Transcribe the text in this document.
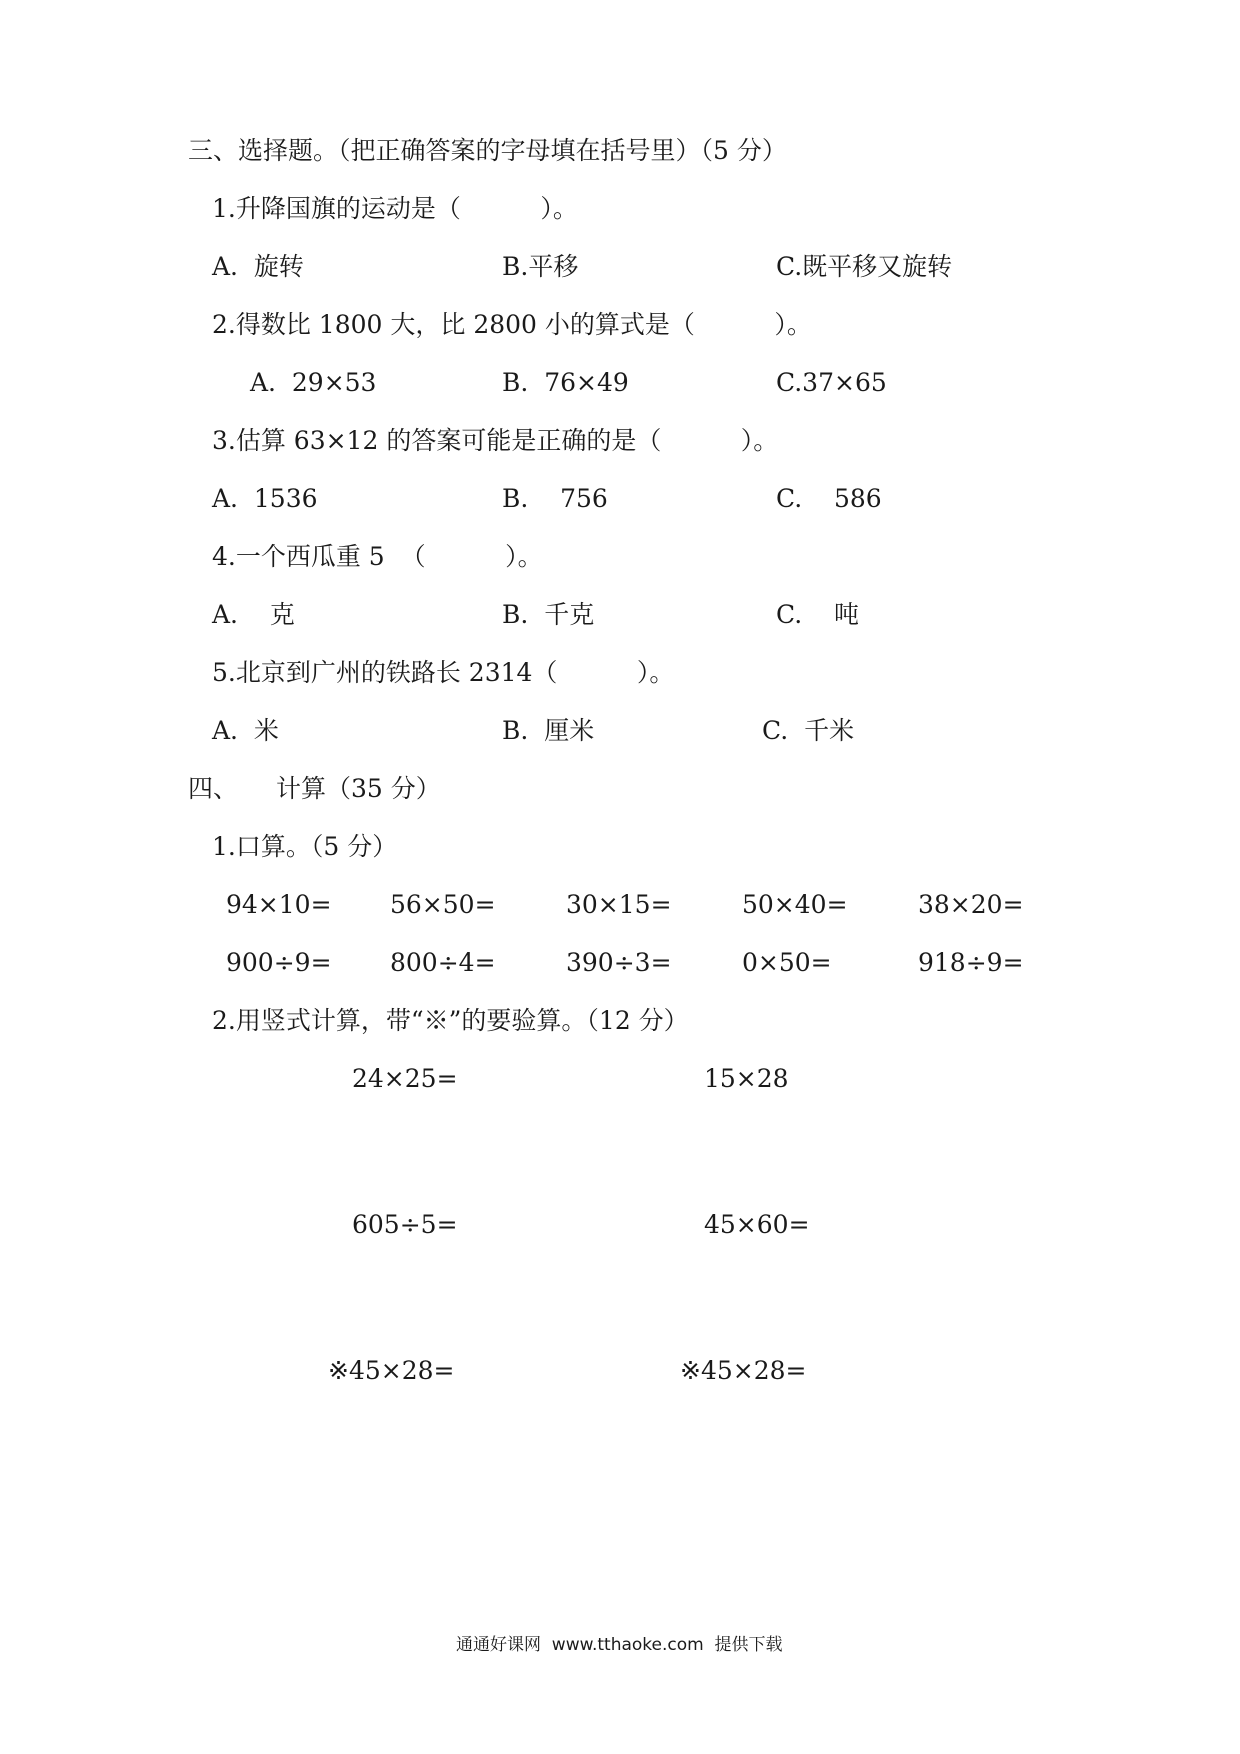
三、选择题。（把正确答案的字母填在括号里）（5 分）
1.升降国旗的运动是（          ）。
A.  旋转	B.平移	C.既平移又旋转
2.得数比 1800 大，比 2800 小的算式是（          ）。
A.  29×53	B.  76×49	C.37×65
3.估算 63×12 的答案可能是正确的是（          ）。
A.  1536	B.    756	C.    586
4.一个西瓜重 5  （          ）。
A.    克	B.  千克	C.    吨
5.北京到广州的铁路长 2314（          ）。
A.  米	B.  厘米	C.  千米
四、 计算（35 分）
1.口算。（5 分）
94×10= 56×50=	30×15=	50×40=	38×20=
900÷9= 800÷4=	390÷3=	0×50=	918÷9=
2.用竖式计算，带“※”的要验算。（12 分）
24×25=	15×28
605÷5=	45×60=
※45×28=	※45×28=
通通好课网  www.tthaoke.com  提供下载
